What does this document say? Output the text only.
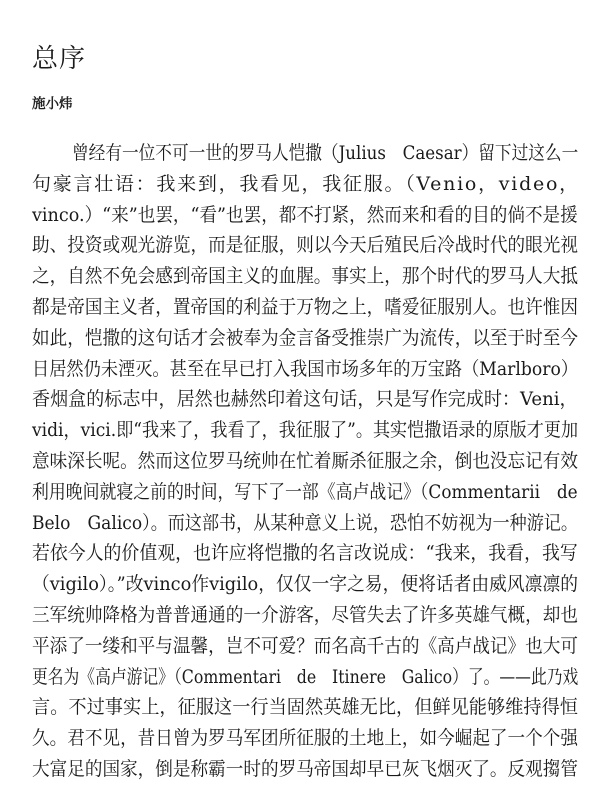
总序

施小炜

曾经有一位不可一世的罗马人恺撒（Julius　Caesar）留下过这么一
句豪言壮语：我来到，我看见，我征服。（Venio，video，
vinco.）“来”也罢，“看”也罢，都不打紧，然而来和看的目的倘不是援
助、投资或观光游览，而是征服，则以今天后殖民后冷战时代的眼光视
之，自然不免会感到帝国主义的血腥。事实上，那个时代的罗马人大抵
都是帝国主义者，置帝国的利益于万物之上，嗜爱征服别人。也许惟因
如此，恺撒的这句话才会被奉为金言备受推崇广为流传，以至于时至今
日居然仍未湮灭。甚至在早已打入我国市场多年的万宝路（Marlboro）
香烟盒的标志中，居然也赫然印着这句话，只是写作完成时：Veni，
vidi，vici.即“我来了，我看了，我征服了”。其实恺撒语录的原版才更加
意味深长呢。然而这位罗马统帅在忙着厮杀征服之余，倒也没忘记有效
利用晚间就寝之前的时间，写下了一部《高卢战记》（Commentarii　de
Belo　Galico）。而这部书，从某种意义上说，恐怕不妨视为一种游记。
若依今人的价值观，也许应将恺撒的名言改说成：“我来，我看，我写
（vigilo）。”改vinco作vigilo，仅仅一字之易，便将话者由威风凛凛的
三军统帅降格为普普通通的一介游客，尽管失去了许多英雄气概，却也
平添了一缕和平与温馨，岂不可爱？而名高千古的《高卢战记》也大可
更名为《高卢游记》（Commentari　de　Itinere　Galico）了。——此乃戏
言。不过事实上，征服这一行当固然英雄无比，但鲜见能够维持得恒
久。君不见，昔日曾为罗马军团所征服的土地上，如今崛起了一个个强
大富足的国家，倒是称霸一时的罗马帝国却早已灰飞烟灭了。反观搊管
